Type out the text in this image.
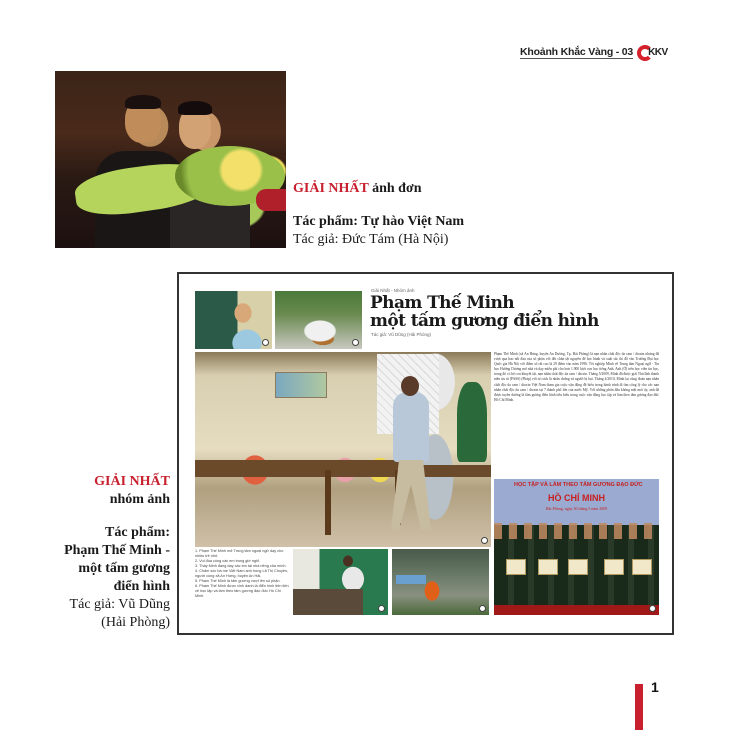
Khoảnh Khắc Vàng - 03 KKV
GIẢI NHẤT ảnh đơn
Tác phẩm: Tự hào Việt Nam
Tác giả: Đức Tám (Hà Nội)
GIẢI NHẤT
nhóm ảnh
Tác phẩm:
Phạm Thế Minh -
một tấm gương
điển hình
Tác giả: Vũ Dũng
(Hải Phòng)
Giải Nhất - Nhóm ảnh
Phạm Thế Minh
một tấm gương điển hình
Tác giả: Vũ Dũng (Hải Phòng)
Phạm Thế Minh (xã An Hưng, huyện An Dương, Tp. Hải Phòng) là nạn nhân chất độc da cam / dioxin nhưng đã vượt qua bao nỗi đau của số phận với đôi chân tật nguyền để học hành và xuất sắc thi đỗ vào Trường Đại học Quốc gia Hà Nội với điểm số rất cao là 29 điểm vào năm 1996. Tốt nghiệp Minh về Trung tâm Ngoại ngữ - Tin học Hướng Dương mở nhà và dạy miễn phí cho hơn 1.900 lượt con học tiếng Anh, Anh (Ở) trên học viên tin học, trong đó có hệ con khuyết tật, nạn nhân chất độc da cam / dioxin. Tháng 5/2009, Minh đã được giải Thủ lĩnh thanh niên ưu tú (PASS) (Pháp) với tư cách là nhân chứng và người bị hại. Tháng 4/2010, Minh lại cùng đoàn nạn nhân chất độc da cam / dioxin Việt Nam tham gia cuộc vận động đề hiểu trong hành trình đi tìm công lý cho các nạn nhân chất độc da cam / dioxin tại 7 thành phố lớn của nước Mỹ. Với những phấn đấu không mệt mỏi ấy, anh đã được tuyên dương là tấm gương điển hình tiêu biểu trong cuộc vận động học tập và làm theo tấm gương đạo đức Hồ Chí Minh.
HỌC TẬP VÀ LÀM THEO TẤM GƯƠNG ĐẠO ĐỨC
HỒ CHÍ MINH
Hải Phòng, ngày 30 tháng 5 năm 2009
1. Phạm Thế Minh mở Trung tâm ngoại ngữ dạy cho nhiều trẻ nhỏ.
2. Vui đùa cùng các em trong giờ nghỉ.
3. Thầy Minh đang dạy các em tại nhà riêng của mình.
4. Chăm sóc bà mẹ Việt Nam anh hùng Lã Thị Chuyên, người cùng xã An Hưng, huyện An Hải.
5. Phạm Thế Minh là tấm gương vượt lên số phận.
6. Phạm Thế Minh được vinh danh là điển hình tiên tiến về học tập và làm theo tấm gương đạo đức Hồ Chí Minh.
1
